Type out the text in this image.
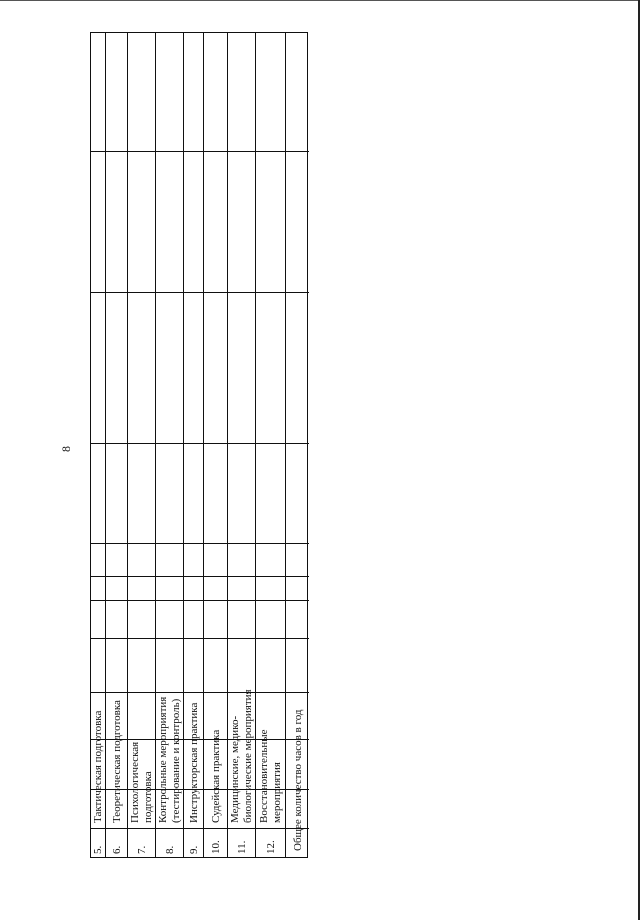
8
5.
Тактическая подготовка
6.
Теоретическая подготовка
7.
Психологическая подготовка
8.
Контрольные мероприятия (тестирование и контроль)
9.
Инструкторская практика
10.
Судейская практика
11.
Медицинские, медико- биологические мероприятия
12.
Восстановительные мероприятия Общее количество часов в год
